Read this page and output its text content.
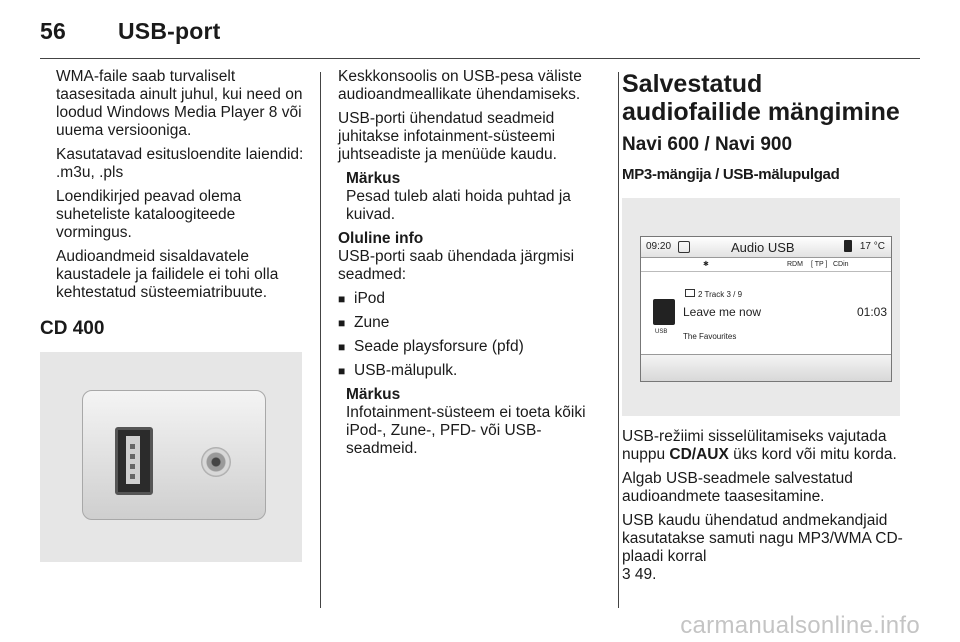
56 USB-port

WMA-faile saab turvaliselt taasesitada ainult juhul, kui need on loodud Windows Media Player 8 või uuema versiooniga.

Kasutatavad esitusloendite laiendid: .m3u, .pls

Loendikirjed peavad olema suheteliste kataloogiteede vormingus.

Audioandmeid sisaldavatele kaustadele ja failidele ei tohi olla kehtestatud süsteemiatribuute.

CD 400

Keskkonsoolis on USB-pesa väliste audioandmeallikate ühendamiseks.

USB-porti ühendatud seadmeid juhitakse infotainment-süsteemi juhtseadiste ja menüüde kaudu.

Märkus
Pesad tuleb alati hoida puhtad ja kuivad.

Oluline info
USB-porti saab ühendada järgmisi seadmed:

■ iPod
■ Zune
■ Seade playsforsure (pfd)
■ USB-mälupulk.

Märkus
Infotainment-süsteem ei toeta kõiki iPod-, Zune-, PFD- või USB-seadmeid.

Salvestatud audiofailide mängimine
Navi 600 / Navi 900
MP3-mängija / USB-mälupulgad
09:20	Audio USB	17 °C
✱	RDM [ TP ] CDin
USB
2 Track 3 / 9
Leave me now	01:03
The Favourites

USB-režiimi sisselülitamiseks vajutada nuppu CD/AUX üks kord või mitu korda.

Algab USB-seadmele salvestatud audioandmete taasesitamine.

USB kaudu ühendatud andmekandjaid kasutatakse samuti nagu MP3/WMA CD-plaadi korral
3 49.

carmanualsonline.info
